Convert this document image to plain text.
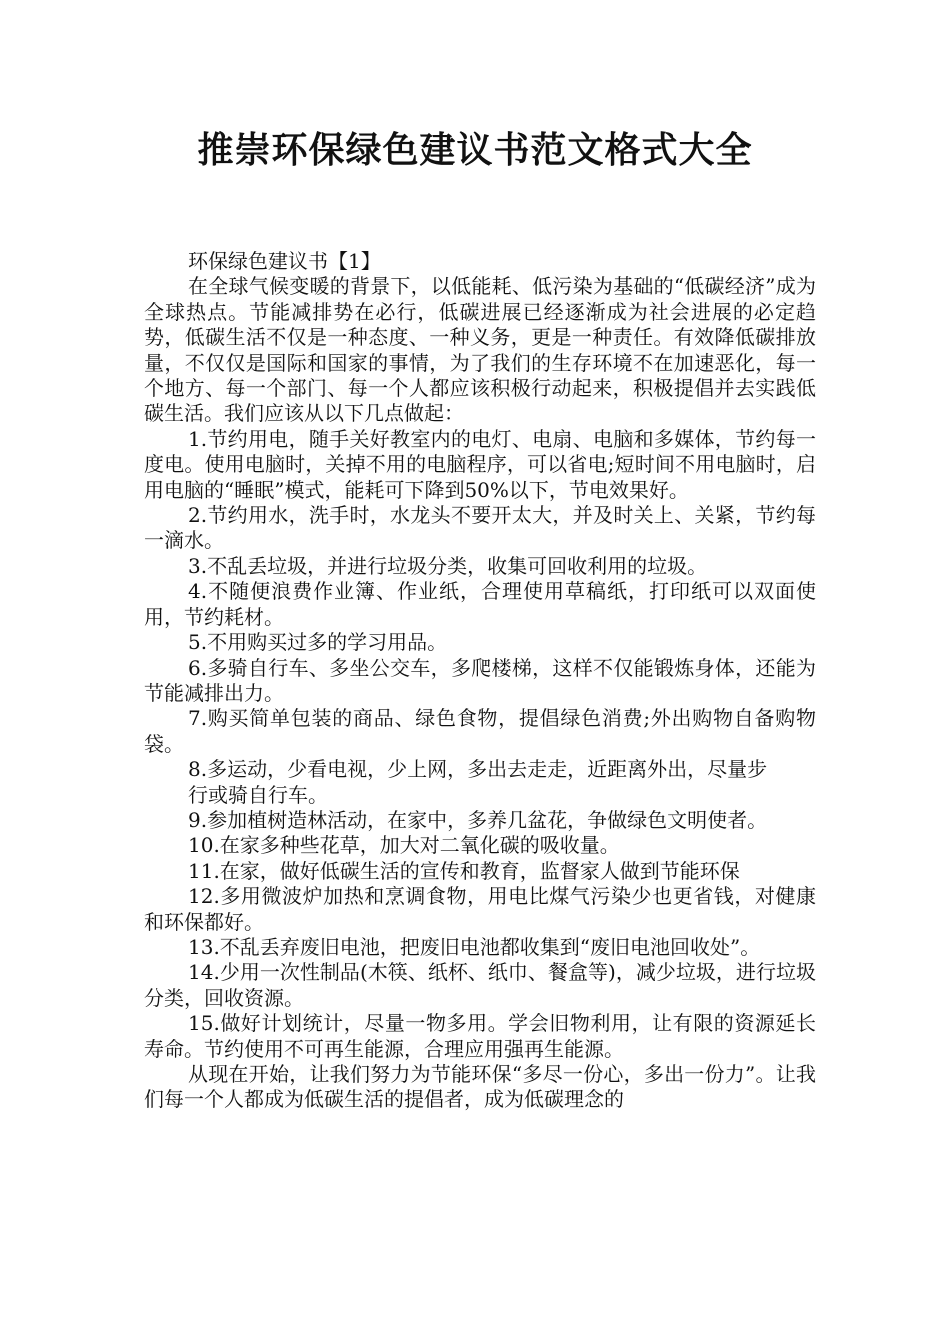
推崇环保绿色建议书范文格式大全

环保绿色建议书【1】

在全球气候变暖的背景下，以低能耗、低污染为基础的“低碳经济”成为全球热点。节能减排势在必行，低碳进展已经逐渐成为社会进展的必定趋势，低碳生活不仅是一种态度、一种义务，更是一种责任。有效降低碳排放量，不仅仅是国际和国家的事情，为了我们的生存环境不在加速恶化，每一个地方、每一个部门、每一个人都应该积极行动起来，积极提倡并去实践低碳生活。我们应该从以下几点做起：

1.节约用电，随手关好教室内的电灯、电扇、电脑和多媒体，节约每一度电。使用电脑时，关掉不用的电脑程序，可以省电;短时间不用电脑时，启用电脑的“睡眠”模式，能耗可下降到50%以下，节电效果好。

2.节约用水，洗手时，水龙头不要开太大，并及时关上、关紧，节约每一滴水。

3.不乱丢垃圾，并进行垃圾分类，收集可回收利用的垃圾。

4.不随便浪费作业簿、作业纸，合理使用草稿纸，打印纸可以双面使用，节约耗材。

5.不用购买过多的学习用品。

6.多骑自行车、多坐公交车，多爬楼梯，这样不仅能锻炼身体，还能为节能减排出力。

7.购买简单包装的商品、绿色食物，提倡绿色消费;外出购物自备购物袋。

8.多运动，少看电视，少上网，多出去走走，近距离外出，尽量步

行或骑自行车。

9.参加植树造林活动，在家中，多养几盆花，争做绿色文明使者。

10.在家多种些花草，加大对二氧化碳的吸收量。

11.在家，做好低碳生活的宣传和教育，监督家人做到节能环保

12.多用微波炉加热和烹调食物，用电比煤气污染少也更省钱，对健康和环保都好。

13.不乱丢弃废旧电池，把废旧电池都收集到“废旧电池回收处”。

14.少用一次性制品(木筷、纸杯、纸巾、餐盒等)，减少垃圾，进行垃圾分类，回收资源。

15.做好计划统计，尽量一物多用。学会旧物利用，让有限的资源延长寿命。节约使用不可再生能源，合理应用强再生能源。

从现在开始，让我们努力为节能环保“多尽一份心，多出一份力”。让我们每一个人都成为低碳生活的提倡者，成为低碳理念的
